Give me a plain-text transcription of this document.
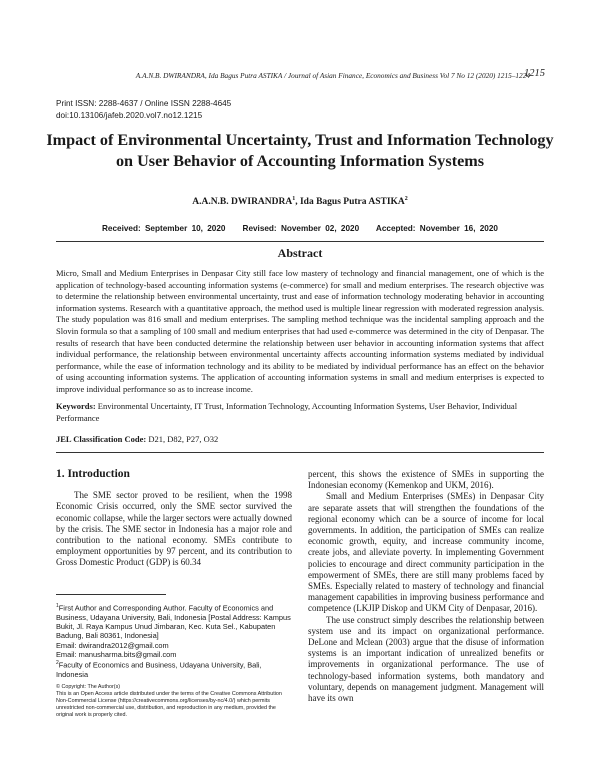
A.A.N.B. DWIRANDRA, Ida Bagus Putra ASTIKA / Journal of Asian Finance, Economics and Business Vol 7 No 12 (2020) 1215–1224
1215
Print ISSN: 2288-4637 / Online ISSN 2288-4645
doi:10.13106/jafeb.2020.vol7.no12.1215
Impact of Environmental Uncertainty, Trust and Information Technology
on User Behavior of Accounting Information Systems
A.A.N.B. DWIRANDRA$^1$, Ida Bagus Putra ASTIKA$^2$
Received: September 10, 2020    Revised: November 02, 2020    Accepted: November 16, 2020
Abstract
Micro, Small and Medium Enterprises in Denpasar City still face low mastery of technology and financial management, one of which is the application of technology-based accounting information systems (e-commerce) for small and medium enterprises. The research objective was to determine the relationship between environmental uncertainty, trust and ease of information technology moderating behavior in accounting information systems. Research with a quantitative approach, the method used is multiple linear regression with moderated regression analysis. The study population was 816 small and medium enterprises. The sampling method technique was the incidental sampling approach and the Slovin formula so that a sampling of 100 small and medium enterprises that had used e-commerce was determined in the city of Denpasar. The results of research that have been conducted determine the relationship between user behavior in accounting information systems that affect individual performance, the relationship between environmental uncertainty affects accounting information systems mediated by individual performance, while the ease of information technology and its ability to be mediated by individual performance has an effect on the behavior of using accounting information systems. The application of accounting information systems in small and medium enterprises is expected to improve individual performance so as to increase income.
Keywords: Environmental Uncertainty, IT Trust, Information Technology, Accounting Information Systems, User Behavior, Individual Performance
JEL Classification Code: D21, D82, P27, O32
1. Introduction
The SME sector proved to be resilient, when the 1998 Economic Crisis occurred, only the SME sector survived the economic collapse, while the larger sectors were actually downed by the crisis. The SME sector in Indonesia has a major role and contribution to the national economy. SMEs contribute to employment opportunities by 97 percent, and its contribution to Gross Domestic Product (GDP) is 60.34
percent, this shows the existence of SMEs in supporting the Indonesian economy (Kemenkop and UKM, 2016).
Small and Medium Enterprises (SMEs) in Denpasar City are separate assets that will strengthen the foundations of the regional economy which can be a source of income for local governments. In addition, the participation of SMEs can realize economic growth, equity, and increase community income, create jobs, and alleviate poverty. In implementing Government policies to encourage and direct community participation in the empowerment of SMEs, there are still many problems faced by SMEs. Especially related to mastery of technology and financial management capabilities in improving business performance and competence (LKJIP Diskop and UKM City of Denpasar, 2016).
The use construct simply describes the relationship between system use and its impact on organizational performance. DeLone and Mclean (2003) argue that the disuse of information systems is an important indication of unrealized benefits or improvements in organizational performance. The use of technology-based information systems, both mandatory and voluntary, depends on management judgment. Management will have its own
$^1$First Author and Corresponding Author. Faculty of Economics and Business, Udayana University, Bali, Indonesia [Postal Address: Kampus Bukit, Jl. Raya Kampus Unud Jimbaran, Kec. Kuta Sel., Kabupaten Badung, Bali 80361, Indonesia]
Email: dwirandra2012@gmail.com
Email: manusharma.bits@gmail.com
$^2$Faculty of Economics and Business, Udayana University, Bali, Indonesia
© Copyright: The Author(s)
This is an Open Access article distributed under the terms of the Creative Commons Attribution Non-Commercial License (https://creativecommons.org/licenses/by-nc/4.0/) which permits unrestricted non-commercial use, distribution, and reproduction in any medium, provided the original work is properly cited.
